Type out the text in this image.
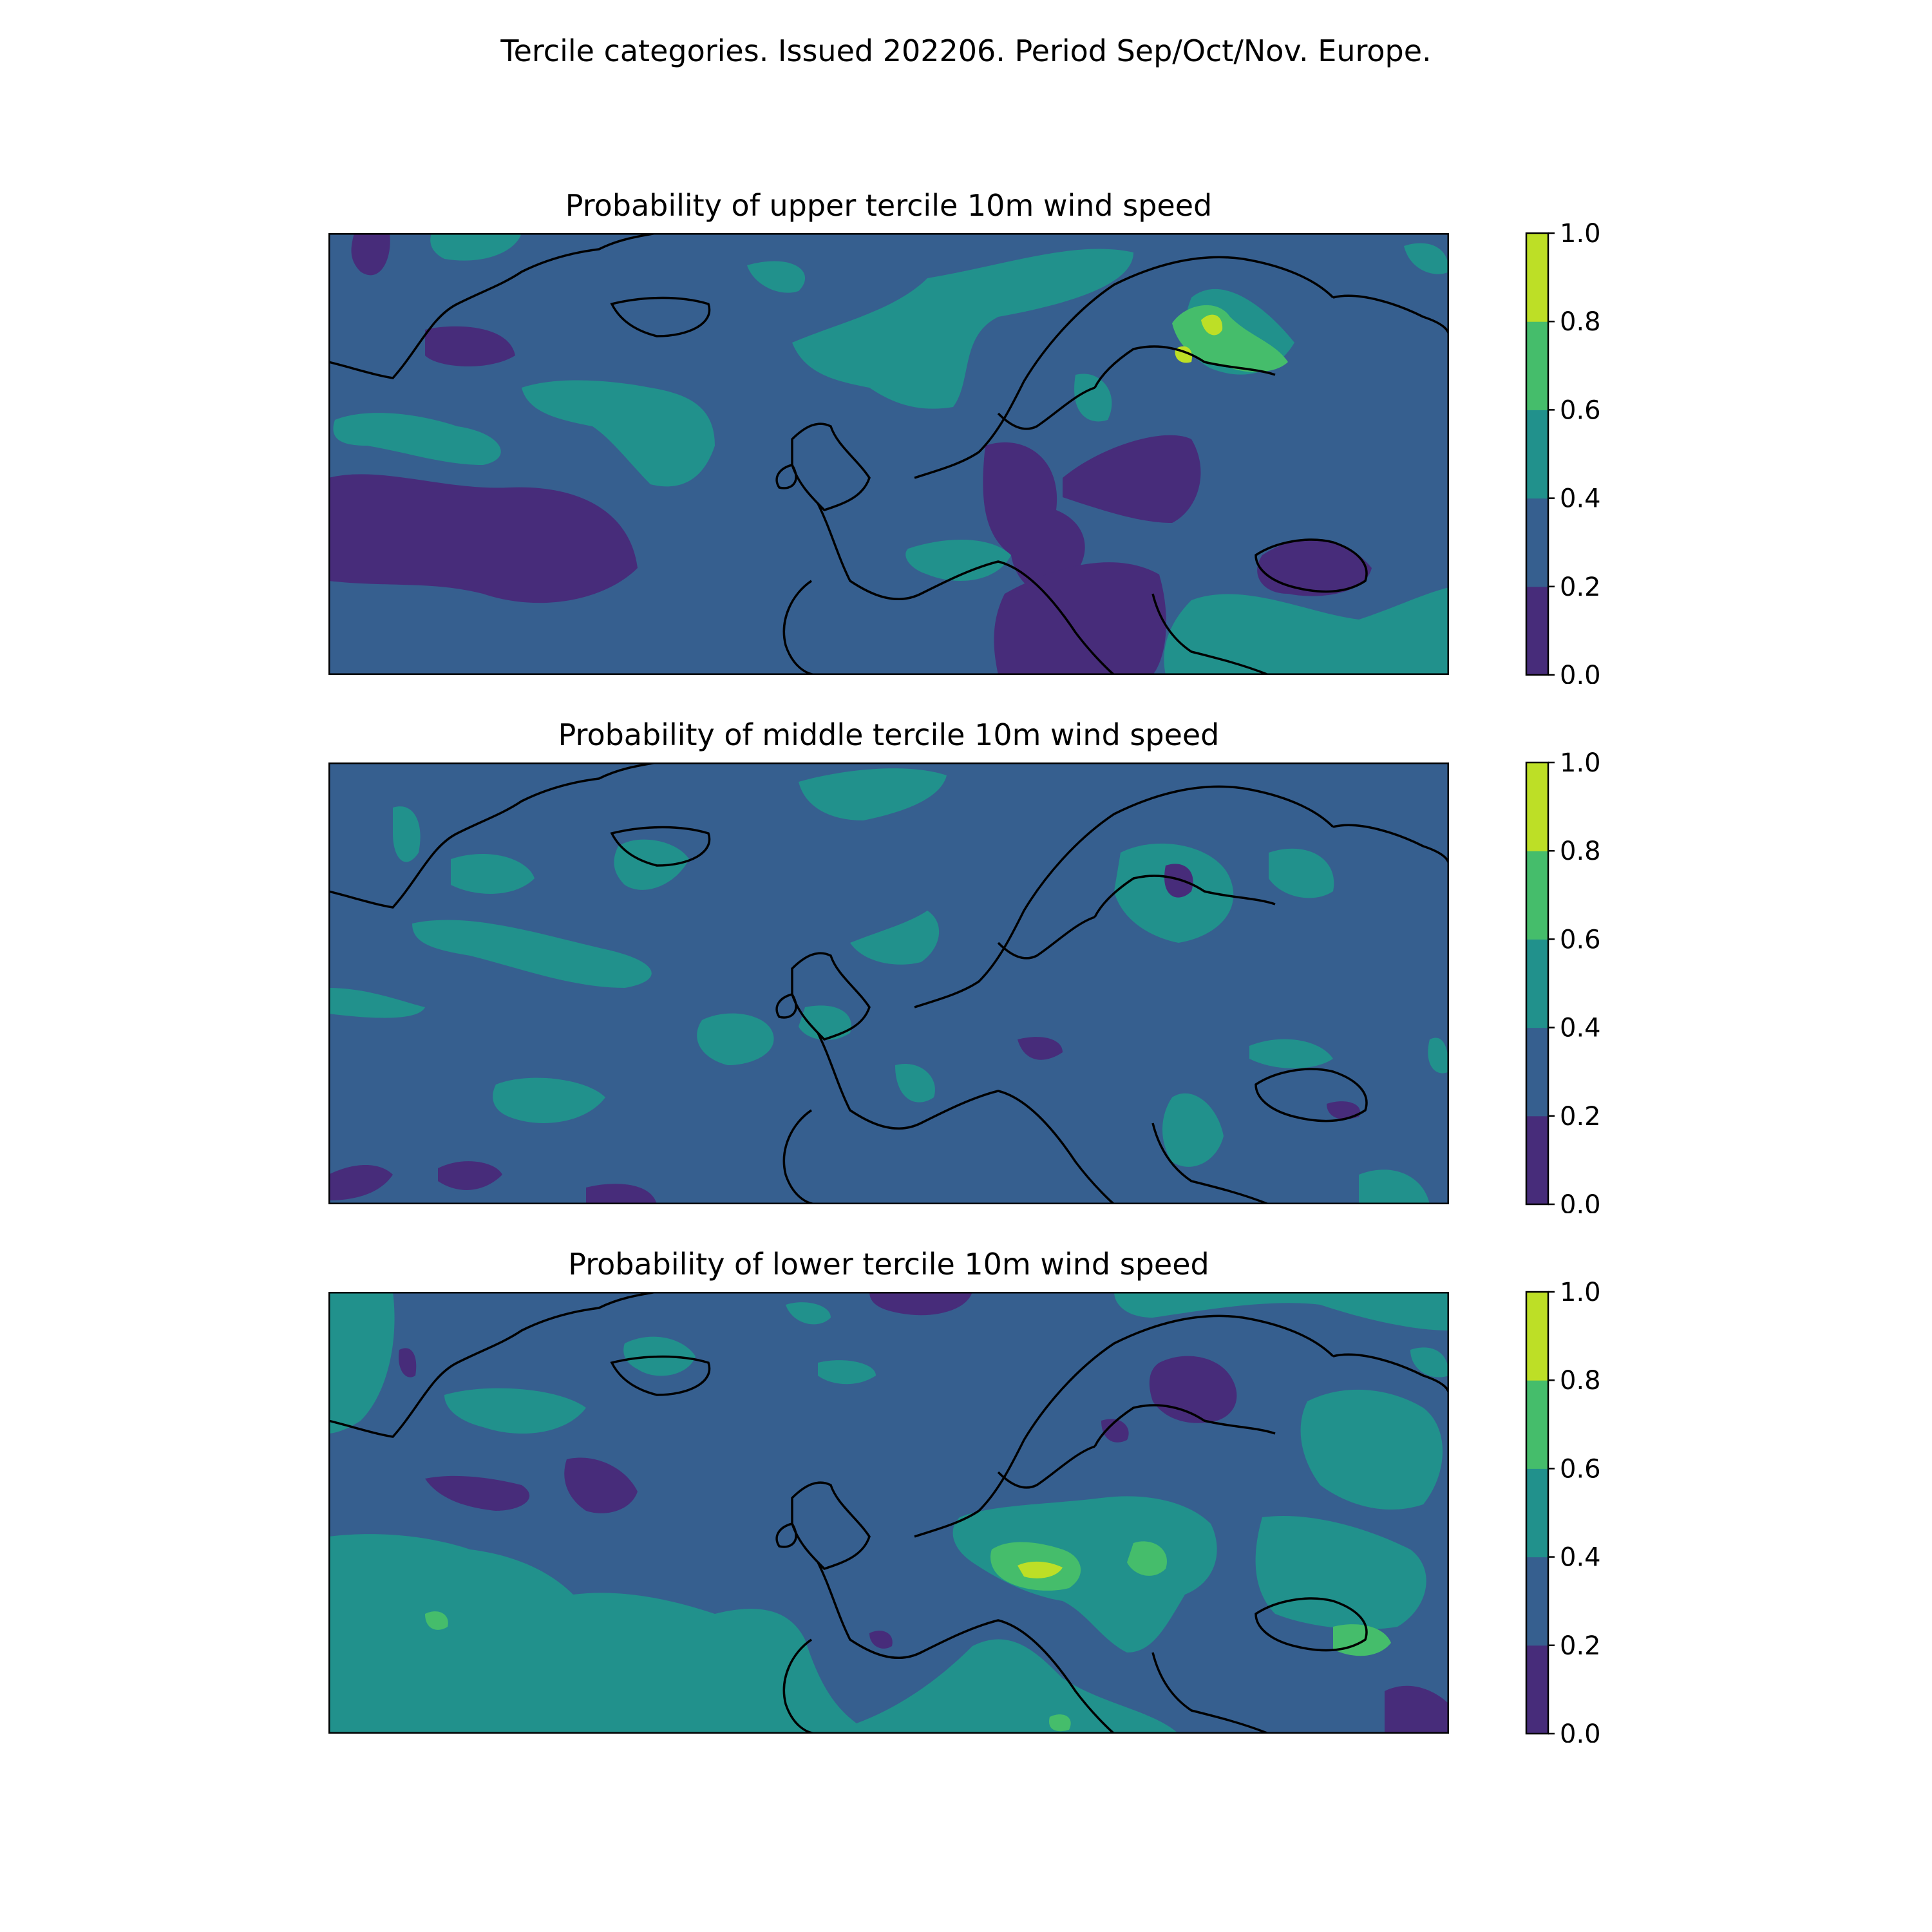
Tercile categories. Issued 202206. Period Sep/Oct/Nov. Europe.
Probability of upper tercile 10m wind speed
Probability of middle tercile 10m wind speed
Probability of lower tercile 10m wind speed
0.0
0.2
0.4
0.6
0.8
1.0
0.0
0.2
0.4
0.6
0.8
1.0
0.0
0.2
0.4
0.6
0.8
1.0
